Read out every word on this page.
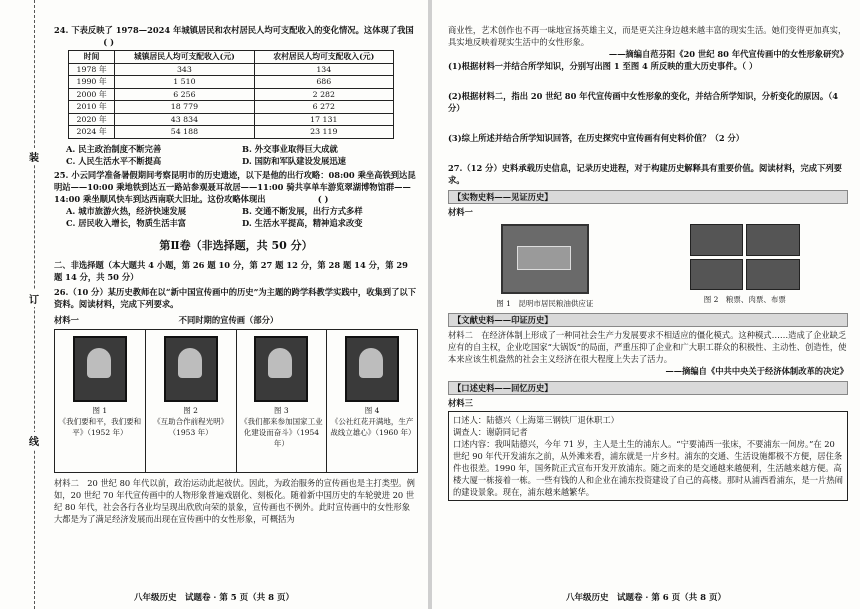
装
订
线

24. 下表反映了 1978—2024 年城镇居民和农村居民人均可支配收入的变化情况。这体现了我国 ( )

时间	城镇居民人均可支配收入(元)	农村居民人均可支配收入(元)
1978 年	343	134
1990 年	1 510	686
2000 年	6 256	2 282
2010 年	18 779	6 272
2020 年	43 834	17 131
2024 年	54 188	23 119
A. 民主政治制度不断完善	B. 外交事业取得巨大成就
C. 人民生活水平不断提高	D. 国防和军队建设发展迅速

25. 小云同学准备暑假期间考察昆明市的历史遗迹，以下是他的出行攻略：08:00 乘坐高铁到达昆明站——10:00 乘地铁到达五一路站参观聂耳故居——11:00 骑共享单车游览翠湖博物馆群——14:00 乘坐顺风快车到达西南联大旧址。这份攻略体现出	( )

A. 城市旅游火热，经济快速发展	B. 交通不断发展，出行方式多样
C. 居民收入增长，物质生活丰富	D. 生活水平提高，精神追求改变
第Ⅱ卷（非选择题，共 50 分）

二、非选择题（本大题共 4 小题，第 26 题 10 分，第 27 题 12 分，第 28 题 14 分，第 29 题 14 分，共 50 分）

26.（10 分）某历史教师在以“新中国宣传画中的历史”为主题的跨学科教学实践中，收集到了以下资料。阅读材料，完成下列要求。

材料一	不同时期的宣传画（部分）
图 1
《我们要和平，我们要和平》（1952 年）
图 2
《互助合作前程光明》（1953 年）
图 3
《我们都来参加国家工业化建设而奋斗》（1954 年）
图 4
《公社红花开满地，生产战线立雄心》（1960 年）

材料二　20 世纪 80 年代以前，政治运动此起彼伏。因此，为政治服务的宣传画也是主打类型。例如，20 世纪 70 年代宣传画中的人物形象普遍戏剧化、刻板化。随着新中国历史的车轮驶进 20 世纪 80 年代，社会各行各业均呈现出欣欣向荣的景象，宣传画也不例外。此时宣传画中的女性形象大都是为了满足经济发展而出现在宣传画中的女性形象，可概括为

八年级历史　试题卷 · 第 5 页（共 8 页）

商业性，艺术创作也不再一味地宣扬英雄主义，而是更关注身边越来越丰富的现实生活。她们变得更加真实，具实地反映着现实生活中的女性形象。

——摘编自范芬阳《20 世纪 80 年代宣传画中的女性形象研究》

(1)根据材料一并结合所学知识，分别写出图 1 至图 4 所反映的重大历史事件。（ ）

(2)根据材料二，指出 20 世纪 80 年代宣传画中女性形象的变化，并结合所学知识，分析变化的原因。（4 分）

(3)综上所述并结合所学知识回答，在历史探究中宣传画有何史料价值？（2 分）

27.（12 分）史料承载历史信息，记录历史进程，对于构建历史解释具有重要价值。阅读材料，完成下列要求。

【实物史料——见证历史】

材料一

图 1　 昆明市居民粮油供应证	图 2　 粮票、肉票、布票
【文献史料——印证历史】

材料二　在经济体制上形成了一种同社会生产力发展要求不相适应的僵化模式。这种模式……造成了企业缺乏应有的自主权，企业吃国家“大锅饭”的局面，严重压抑了企业和广大职工群众的积极性、主动性、创造性，使本来应该生机盎然的社会主义经济在很大程度上失去了活力。

——摘编自《中共中央关于经济体制改革的决定》

【口述史料——回忆历史】

材料三

口述人：陆德兴（上海第三钢铁厂退休职工）

调查人：谢蔚同记者

口述内容：我叫陆德兴，今年 71 岁，主人是土生的浦东人。“宁要浦西一张床，不要浦东一间房。”在 20 世纪 90 年代开发浦东之前，从外滩来看，浦东就是一片乡村。浦东的交通、生活设施都极不方便，居住条件也很差。1990 年，国务院正式宣布开发开放浦东。随之而来的是交通越来越便利，生活越来越方便。高楼大厦一栋接着一栋。一些有钱的人和企业在浦东投资建设了自己的高楼。那时从浦西看浦东，是一片热闹的建设景象。现在，浦东越来越繁华。

八年级历史　试题卷 · 第 6 页（共 8 页）
